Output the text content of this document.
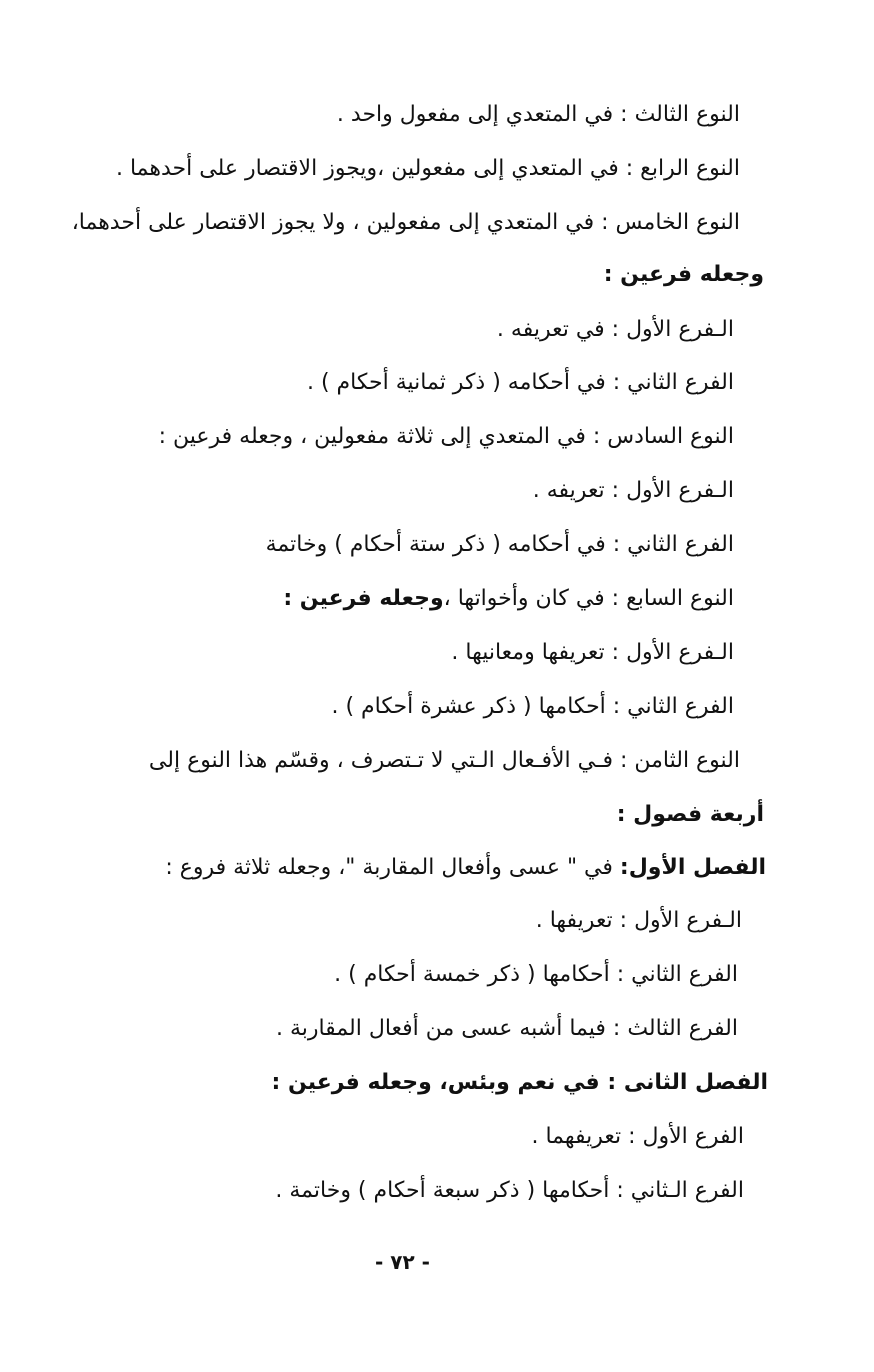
النوع الثالث : في المتعدي إلى مفعول واحد .
النوع الرابع : في المتعدي إلى مفعولين ،ويجوز الاقتصار على أحدهما .
النوع الخامس : في المتعدي إلى مفعولين ، ولا يجوز الاقتصار على أحدهما،
وجعله فرعين :
الـفرع الأول : في تعريفه .
الفرع الثاني : في أحكامه ( ذكر ثمانية أحكام ) .
النوع السادس : في المتعدي إلى ثلاثة مفعولين ، وجعله فرعين :
الـفرع الأول : تعريفه .
الفرع الثاني : في أحكامه ( ذكر ستة أحكام ) وخاتمة
النوع السابع : في كان وأخواتها ،وجعله فرعين :
الـفرع الأول : تعريفها ومعانيها .
الفرع الثاني : أحكامها ( ذكر عشرة أحكام ) .
النوع الثامن : فـي الأفـعال الـتي لا تـتصرف ، وقسّم هذا النوع إلى
أربعة فصول :
الفصل الأول: في " عسى وأفعال المقاربة "، وجعله ثلاثة فروع :
الـفرع الأول : تعريفها .
الفرع الثاني : أحكامها ( ذكر خمسة أحكام ) .
الفرع الثالث : فيما أشبه عسى من أفعال المقاربة .
الفصل الثانى : في نعم وبئس، وجعله فرعين :
الفرع الأول : تعريفهما .
الفرع الـثاني : أحكامها ( ذكر سبعة أحكام ) وخاتمة .
- ٧٢ -
